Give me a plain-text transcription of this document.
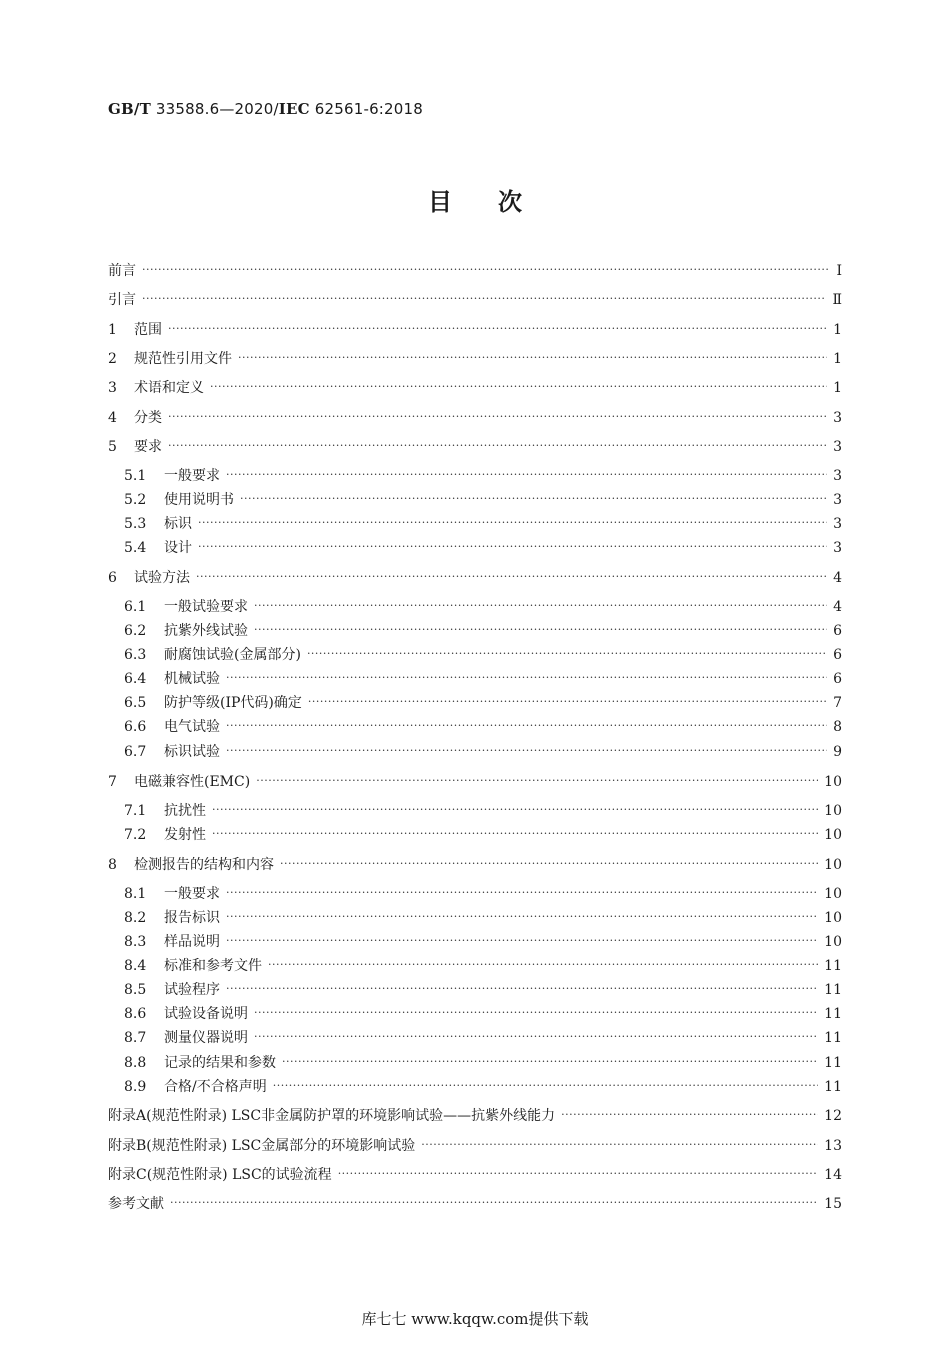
GB/T 33588.6—2020/IEC 62561-6:2018
目次
前言 ·····	Ⅰ
引言 ·····	Ⅱ
1	范围 ·····	1
2	规范性引用文件 ·····	1
3	术语和定义 ·····	1
4	分类 ·····	3
5	要求 ·····	3
5.1	一般要求 ·····	3
5.2	使用说明书 ·····	3
5.3	标识 ·····	3
5.4	设计 ·····	3
6	试验方法 ·····	4
6.1	一般试验要求 ·····	4
6.2	抗紫外线试验 ·····	6
6.3	耐腐蚀试验(金属部分) ·····	6
6.4	机械试验 ·····	6
6.5	防护等级(IP代码)确定 ·····	7
6.6	电气试验 ·····	8
6.7	标识试验 ·····	9
7	电磁兼容性(EMC) ·····	10
7.1	抗扰性 ·····	10
7.2	发射性 ·····	10
8	检测报告的结构和内容 ·····	10
8.1	一般要求 ·····	10
8.2	报告标识 ·····	10
8.3	样品说明 ·····	10
8.4	标准和参考文件 ·····	11
8.5	试验程序 ·····	11
8.6	试验设备说明 ·····	11
8.7	测量仪器说明 ·····	11
8.8	记录的结果和参数 ·····	11
8.9	合格/不合格声明 ·····	11
附录A(规范性附录) LSC非金属防护罩的环境影响试验——抗紫外线能力 ·····	12
附录B(规范性附录) LSC金属部分的环境影响试验 ·····	13
附录C(规范性附录) LSC的试验流程 ·····	14
参考文献 ·····	15
库七七 www.kqqw.com提供下载
